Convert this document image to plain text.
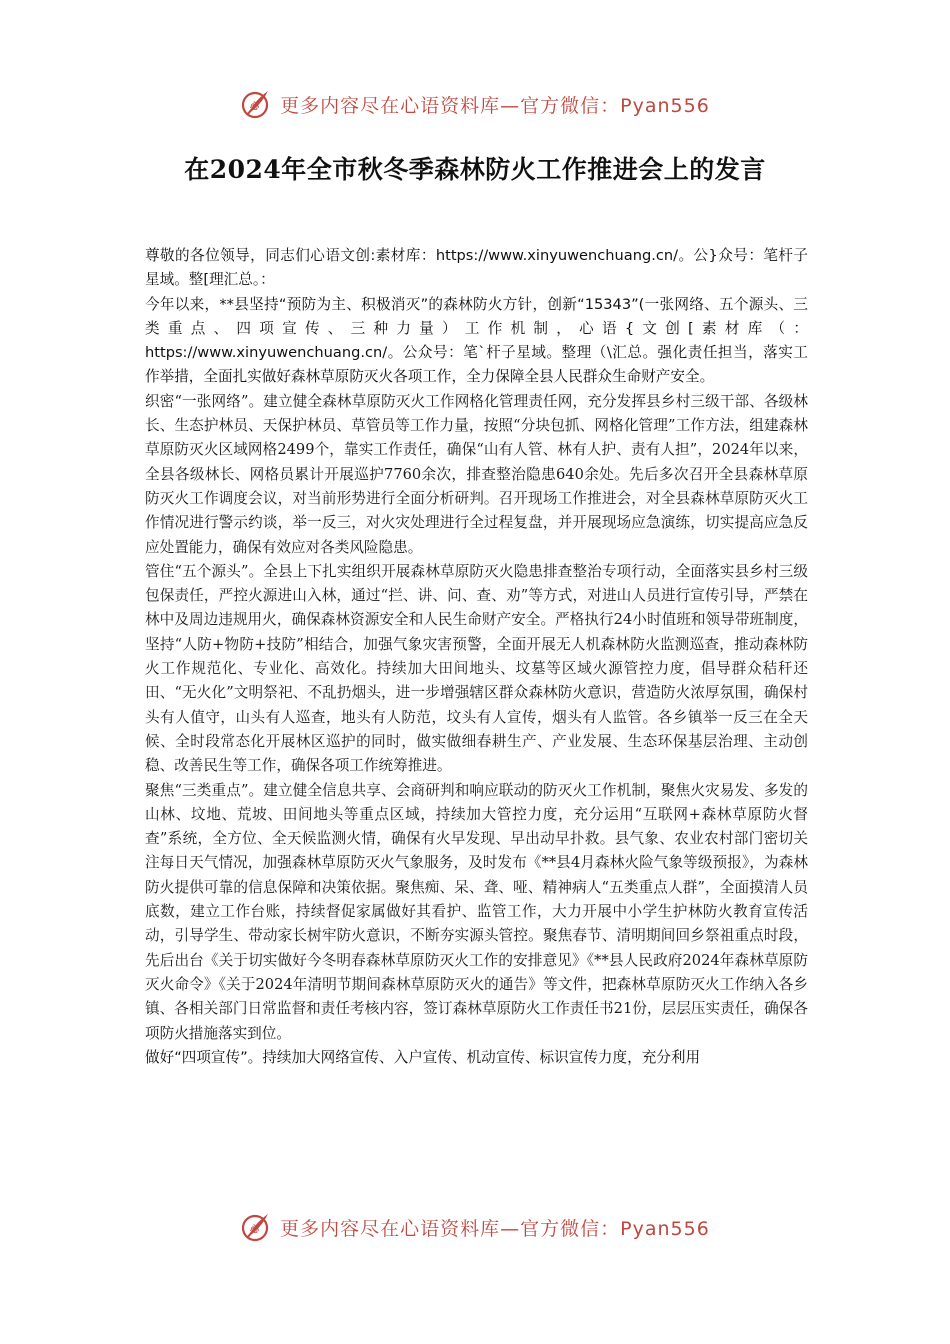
心 更多内容尽在心语资料库—官方微信：Pyan556
在2024年全市秋冬季森林防火工作推进会上的发言

尊敬的各位领导，同志们心语文创:素材库：https://www.xinyuwenchuang.cn/。公}众号：笔杆子星域。整[理汇总。：

今年以来，**县坚持“预防为主、积极消灭”的森林防火方针，创新“15343”(一张网络、五个源头、三类重点、四项宣传、三种力量）工作机制，心语{文创[素材库（：https://www.xinyuwenchuang.cn/。公众号：笔`杆子星域。整理（\汇总。强化责任担当，落实工作举措，全面扎实做好森林草原防灭火各项工作，全力保障全县人民群众生命财产安全。

织密“一张网络”。建立健全森林草原防灭火工作网格化管理责任网，充分发挥县乡村三级干部、各级林长、生态护林员、天保护林员、草管员等工作力量，按照“分块包抓、网格化管理”工作方法，组建森林草原防灭火区域网格2499个，靠实工作责任，确保“山有人管、林有人护、责有人担”，2024年以来，全县各级林长、网格员累计开展巡护7760余次，排查整治隐患640余处。先后多次召开全县森林草原防灭火工作调度会议，对当前形势进行全面分析研判。召开现场工作推进会，对全县森林草原防灭火工作情况进行警示约谈，举一反三，对火灾处理进行全过程复盘，并开展现场应急演练，切实提高应急反应处置能力，确保有效应对各类风险隐患。

管住“五个源头”。全县上下扎实组织开展森林草原防灭火隐患排查整治专项行动，全面落实县乡村三级包保责任，严控火源进山入林，通过“拦、讲、问、查、劝”等方式，对进山人员进行宣传引导，严禁在林中及周边违规用火，确保森林资源安全和人民生命财产安全。严格执行24小时值班和领导带班制度，坚持“人防+物防+技防”相结合，加强气象灾害预警，全面开展无人机森林防火监测巡查，推动森林防火工作规范化、专业化、高效化。持续加大田间地头、坟墓等区域火源管控力度，倡导群众秸秆还田、“无火化”文明祭祀、不乱扔烟头，进一步增强辖区群众森林防火意识，营造防火浓厚氛围，确保村头有人值守，山头有人巡查，地头有人防范，坟头有人宣传，烟头有人监管。各乡镇举一反三在全天候、全时段常态化开展林区巡护的同时，做实做细春耕生产、产业发展、生态环保基层治理、主动创稳、改善民生等工作，确保各项工作统筹推进。

聚焦“三类重点”。建立健全信息共享、会商研判和响应联动的防灭火工作机制，聚焦火灾易发、多发的山林、坟地、荒坡、田间地头等重点区域，持续加大管控力度，充分运用“互联网+森林草原防火督查”系统，全方位、全天候监测火情，确保有火早发现、早出动早扑救。县气象、农业农村部门密切关注每日天气情况，加强森林草原防灭火气象服务，及时发布《**县4月森林火险气象等级预报》，为森林防火提供可靠的信息保障和决策依据。聚焦痴、呆、聋、哑、精神病人“五类重点人群”，全面摸清人员底数，建立工作台账，持续督促家属做好其看护、监管工作，大力开展中小学生护林防火教育宣传活动，引导学生、带动家长树牢防火意识，不断夯实源头管控。聚焦春节、清明期间回乡祭祖重点时段，先后出台《关于切实做好今冬明春森林草原防灭火工作的安排意见》《**县人民政府2024年森林草原防灭火命令》《关于2024年清明节期间森林草原防灭火的通告》等文件，把森林草原防灭火工作纳入各乡镇、各相关部门日常监督和责任考核内容，签订森林草原防火工作责任书21份，层层压实责任，确保各项防火措施落实到位。

做好“四项宣传”。持续加大网络宣传、入户宣传、机动宣传、标识宣传力度，充分利用

心 更多内容尽在心语资料库—官方微信：Pyan556
